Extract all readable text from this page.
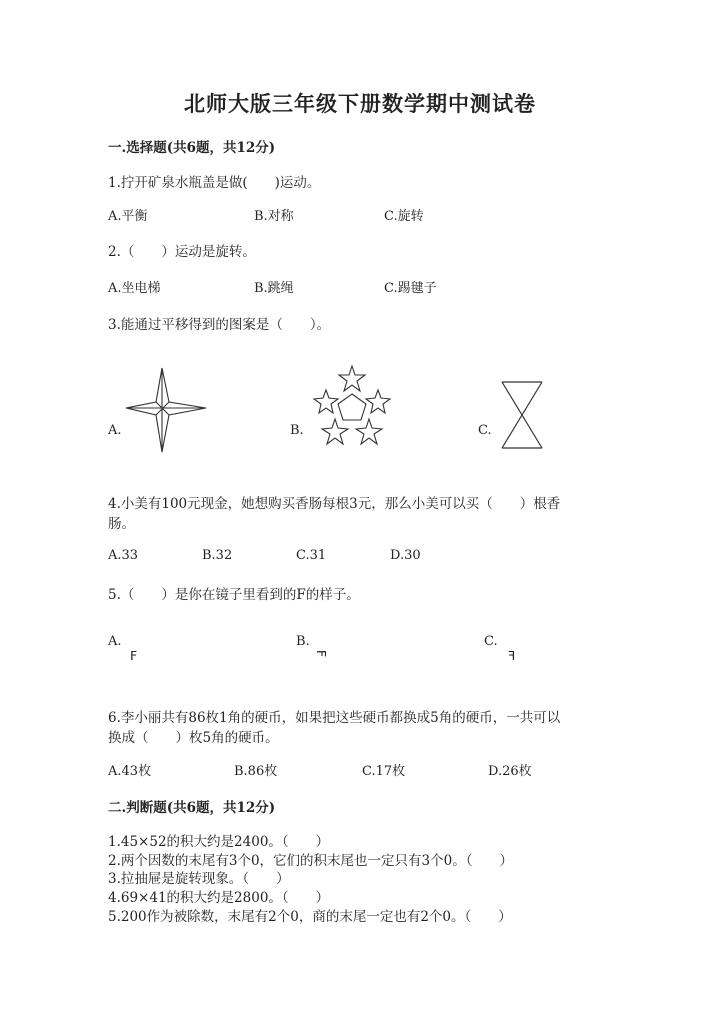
北师大版三年级下册数学期中测试卷
一.选择题(共6题，共12分)
1.拧开矿泉水瓶盖是做(　　)运动。
A.平衡	B.对称	C.旋转
2.（　　）运动是旋转。
A.坐电梯	B.跳绳	C.踢毽子
3.能通过平移得到的图案是（　　）。
A.	B.	C.
4.小美有100元现金，她想购买香肠每根3元，那么小美可以买（　　）根香
肠。
A.33	B.32	C.31	D.30
5.（　　）是你在镜子里看到的F的样子。
A.	B.	C.
F	F	F
6.李小丽共有86枚1角的硬币，如果把这些硬币都换成5角的硬币，一共可以
换成（　　）枚5角的硬币。
A.43枚	B.86枚	C.17枚	D.26枚
二.判断题(共6题，共12分)
1.45×52的积大约是2400。（　　）
2.两个因数的末尾有3个0，它们的积末尾也一定只有3个0。（　　）
3.拉抽屉是旋转现象。（　　）
4.69×41的积大约是2800。（　　）
5.200作为被除数，末尾有2个0，商的末尾一定也有2个0。（　　）
